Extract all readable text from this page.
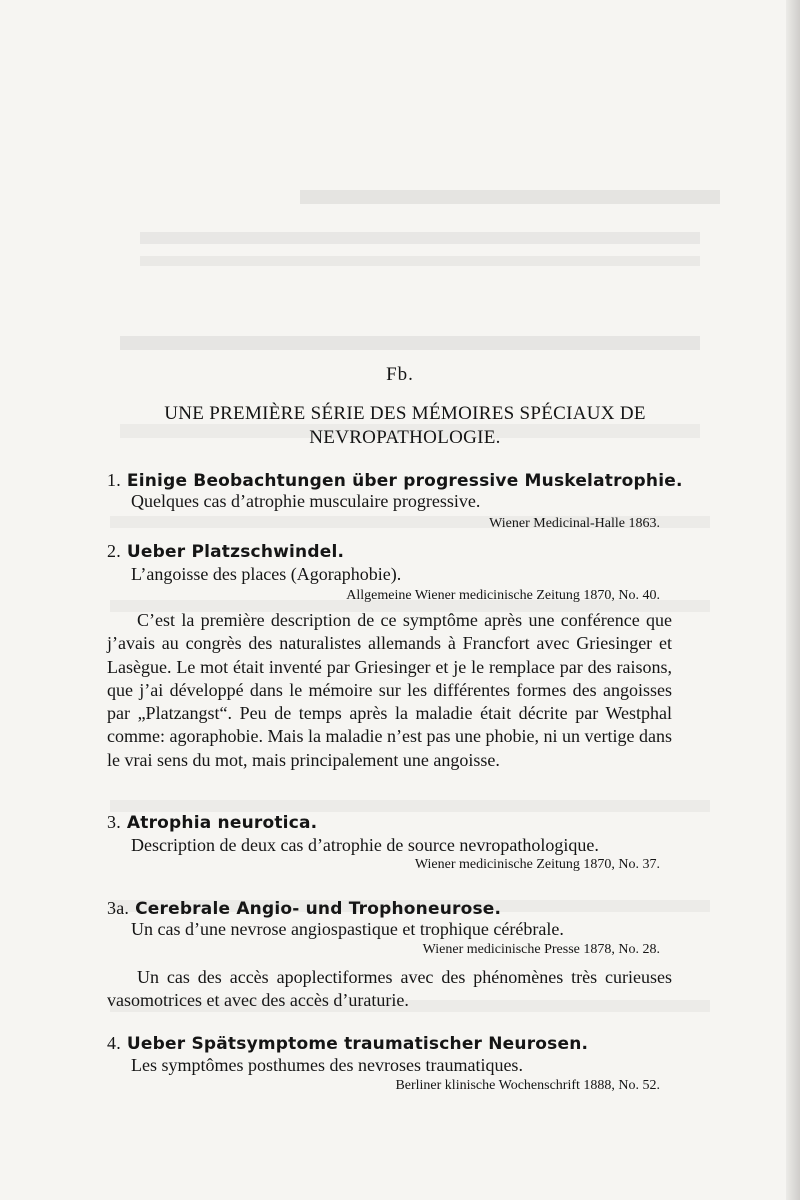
Fb.
UNE PREMIÈRE SÉRIE DES MÉMOIRES SPÉCIAUX DE
NEVROPATHOLOGIE.
1. Einige Beobachtungen über progressive Muskelatrophie.
Quelques cas d’atrophie musculaire progressive.
Wiener Medicinal-Halle 1863.
2. Ueber Platzschwindel.
L’angoisse des places (Agoraphobie).
Allgemeine Wiener medicinische Zeitung 1870, No. 40.
C’est la première description de ce symptôme après une conférence que j’avais au congrès des naturalistes allemands à Francfort avec Griesinger et Lasègue. Le mot était inventé par Griesinger et je le remplace par des raisons, que j’ai développé dans le mémoire sur les différentes formes des angoisses par „Platzangst“. Peu de temps après la maladie était décrite par Westphal comme: agoraphobie. Mais la maladie n’est pas une phobie, ni un vertige dans le vrai sens du mot, mais principalement une angoisse.
3. Atrophia neurotica.
Description de deux cas d’atrophie de source nevropathologique.
Wiener medicinische Zeitung 1870, No. 37.
3a. Cerebrale Angio- und Trophoneurose.
Un cas d’une nevrose angiospastique et trophique cérébrale.
Wiener medicinische Presse 1878, No. 28.
Un cas des accès apoplectiformes avec des phénomènes très curieuses vasomotrices et avec des accès d’uraturie.
4. Ueber Spätsymptome traumatischer Neurosen.
Les symptômes posthumes des nevroses traumatiques.
Berliner klinische Wochenschrift 1888, No. 52.
